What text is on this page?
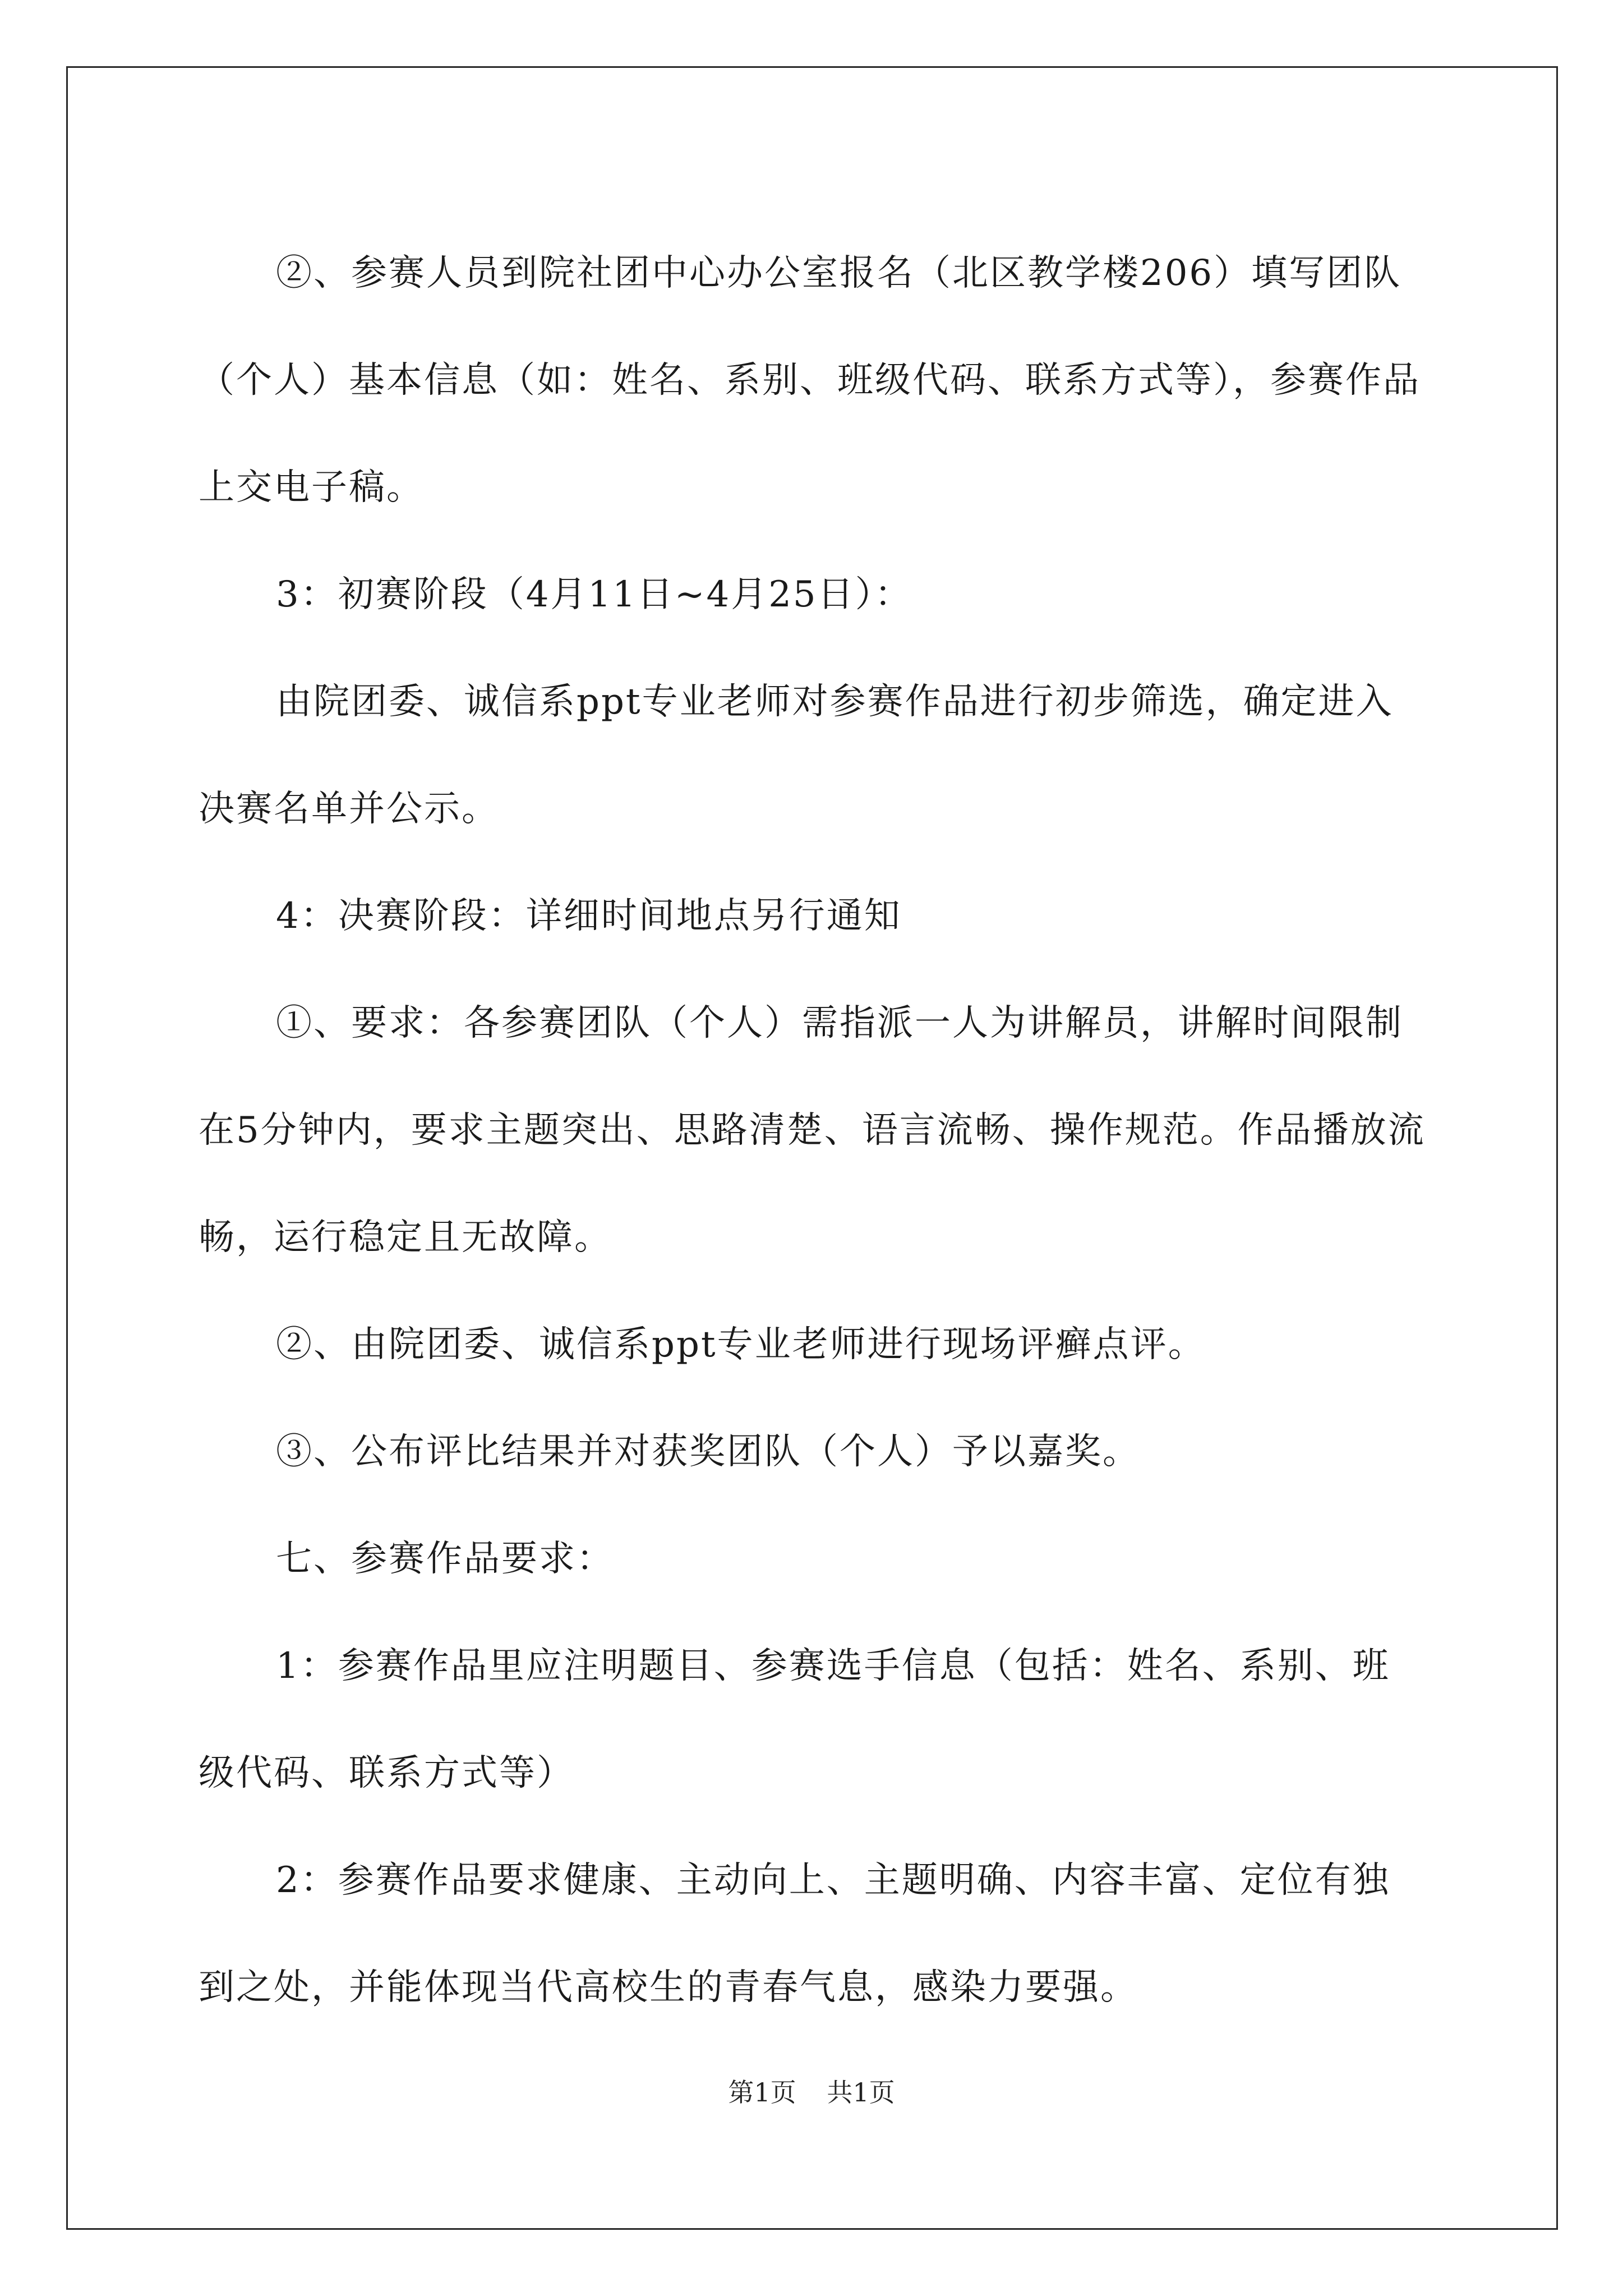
②、参赛人员到院社团中心办公室报名（北区教学楼206）填写团队（个人）基本信息（如：姓名、系别、班级代码、联系方式等），参赛作品上交电子稿。

3：初赛阶段（4月11日~4月25日）：

由院团委、诚信系ppt专业老师对参赛作品进行初步筛选，确定进入决赛名单并公示。

4：决赛阶段：详细时间地点另行通知

①、要求：各参赛团队（个人）需指派一人为讲解员，讲解时间限制在5分钟内，要求主题突出、思路清楚、语言流畅、操作规范。作品播放流畅，运行稳定且无故障。

②、由院团委、诚信系ppt专业老师进行现场评癣点评。

③、公布评比结果并对获奖团队（个人）予以嘉奖。

七、参赛作品要求：

1：参赛作品里应注明题目、参赛选手信息（包括：姓名、系别、班级代码、联系方式等）

2：参赛作品要求健康、主动向上、主题明确、内容丰富、定位有独到之处，并能体现当代高校生的青春气息，感染力要强。

第1页 共1页
